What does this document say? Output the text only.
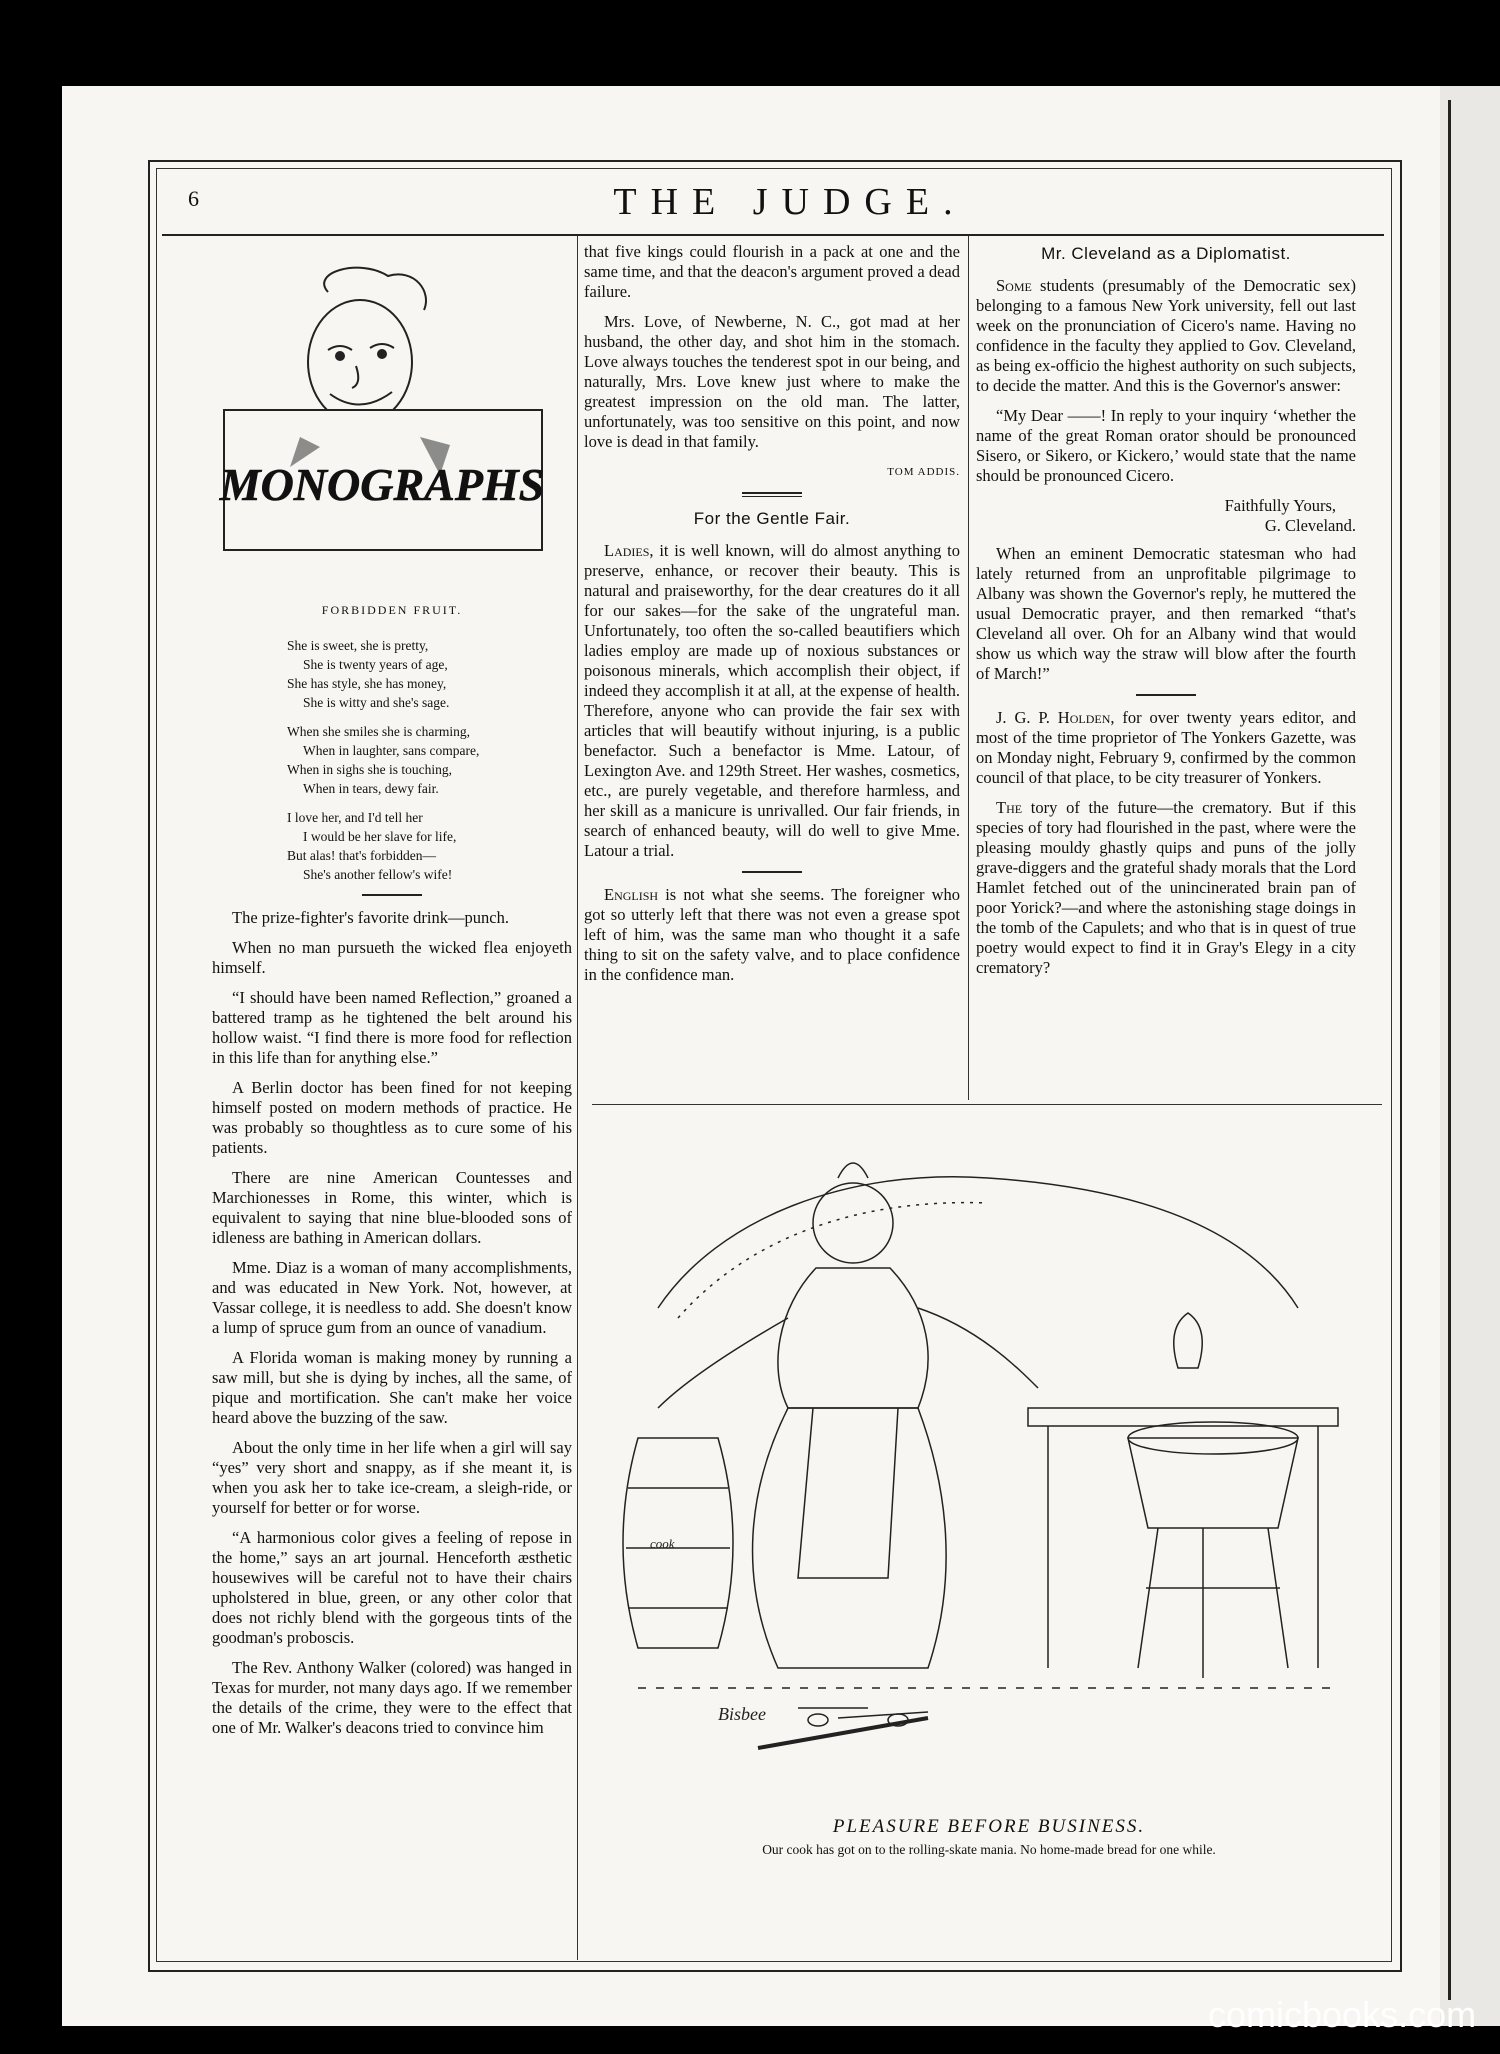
6	THE JUDGE.
MONOGRAPHS
FORBIDDEN FRUIT.
She is sweet, she is pretty,
She is twenty years of age,
She has style, she has money,
She is witty and she's sage.
When she smiles she is charming,
When in laughter, sans compare,
When in sighs she is touching,
When in tears, dewy fair.
I love her, and I'd tell her
I would be her slave for life,
But alas! that's forbidden—
She's another fellow's wife!

The prize-fighter's favorite drink—punch.

When no man pursueth the wicked flea enjoyeth himself.

“I should have been named Reflection,” groaned a battered tramp as he tightened the belt around his hollow waist. “I find there is more food for reflection in this life than for anything else.”

A Berlin doctor has been fined for not keeping himself posted on modern methods of practice. He was probably so thoughtless as to cure some of his patients.

There are nine American Countesses and Marchionesses in Rome, this winter, which is equivalent to saying that nine blue-blooded sons of idleness are bathing in American dollars.

Mme. Diaz is a woman of many accomplishments, and was educated in New York. Not, however, at Vassar college, it is needless to add. She doesn't know a lump of spruce gum from an ounce of vanadium.

A Florida woman is making money by running a saw mill, but she is dying by inches, all the same, of pique and mortification. She can't make her voice heard above the buzzing of the saw.

About the only time in her life when a girl will say “yes” very short and snappy, as if she meant it, is when you ask her to take ice-cream, a sleigh-ride, or yourself for better or for worse.

“A harmonious color gives a feeling of repose in the home,” says an art journal. Henceforth æsthetic housewives will be careful not to have their chairs upholstered in blue, green, or any other color that does not richly blend with the gorgeous tints of the goodman's proboscis.

The Rev. Anthony Walker (colored) was hanged in Texas for murder, not many days ago. If we remember the details of the crime, they were to the effect that one of Mr. Walker's deacons tried to convince him

that five kings could flourish in a pack at one and the same time, and that the deacon's argument proved a dead failure.

Mrs. Love, of Newberne, N. C., got mad at her husband, the other day, and shot him in the stomach. Love always touches the tenderest spot in our being, and naturally, Mrs. Love knew just where to make the greatest impression on the old man. The latter, unfortunately, was too sensitive on this point, and now love is dead in that family.

TOM ADDIS.
For the Gentle Fair.

Ladies, it is well known, will do almost anything to preserve, enhance, or recover their beauty. This is natural and praiseworthy, for the dear creatures do it all for our sakes—for the sake of the ungrateful man. Unfortunately, too often the so-called beautifiers which ladies employ are made up of noxious substances or poisonous minerals, which accomplish their object, if indeed they accomplish it at all, at the expense of health. Therefore, anyone who can provide the fair sex with articles that will beautify without injuring, is a public benefactor. Such a benefactor is Mme. Latour, of Lexington Ave. and 129th Street. Her washes, cosmetics, etc., are purely vegetable, and therefore harmless, and her skill as a manicure is unrivalled. Our fair friends, in search of enhanced beauty, will do well to give Mme. Latour a trial.

English is not what she seems. The foreigner who got so utterly left that there was not even a grease spot left of him, was the same man who thought it a safe thing to sit on the safety valve, and to place confidence in the confidence man.

Mr. Cleveland as a Diplomatist.

Some students (presumably of the Democratic sex) belonging to a famous New York university, fell out last week on the pronunciation of Cicero's name. Having no confidence in the faculty they applied to Gov. Cleveland, as being ex-officio the highest authority on such subjects, to decide the matter. And this is the Governor's answer:

“My Dear ——! In reply to your inquiry ‘whether the name of the great Roman orator should be pronounced Sisero, or Sikero, or Kickero,’ would state that the name should be pronounced Cicero.

Faithfully Yours,
G. Cleveland.

When an eminent Democratic statesman who had lately returned from an unprofitable pilgrimage to Albany was shown the Governor's reply, he muttered the usual Democratic prayer, and then remarked “that's Cleveland all over. Oh for an Albany wind that would show us which way the straw will blow after the fourth of March!”

J. G. P. Holden, for over twenty years editor, and most of the time proprietor of The Yonkers Gazette, was on Monday night, February 9, confirmed by the common council of that place, to be city treasurer of Yonkers.

The tory of the future—the crematory. But if this species of tory had flourished in the past, where were the pleasing mouldy ghastly quips and puns of the jolly grave-diggers and the grateful shady morals that the Lord Hamlet fetched out of the unincinerated brain pan of poor Yorick?—and where the astonishing stage doings in the tomb of the Capulets; and who that is in quest of true poetry would expect to find it in Gray's Elegy in a city crematory?

Bisbee
cook
PLEASURE BEFORE BUSINESS.
Our cook has got on to the rolling-skate mania. No home-made bread for one while.
comicbooks.com
